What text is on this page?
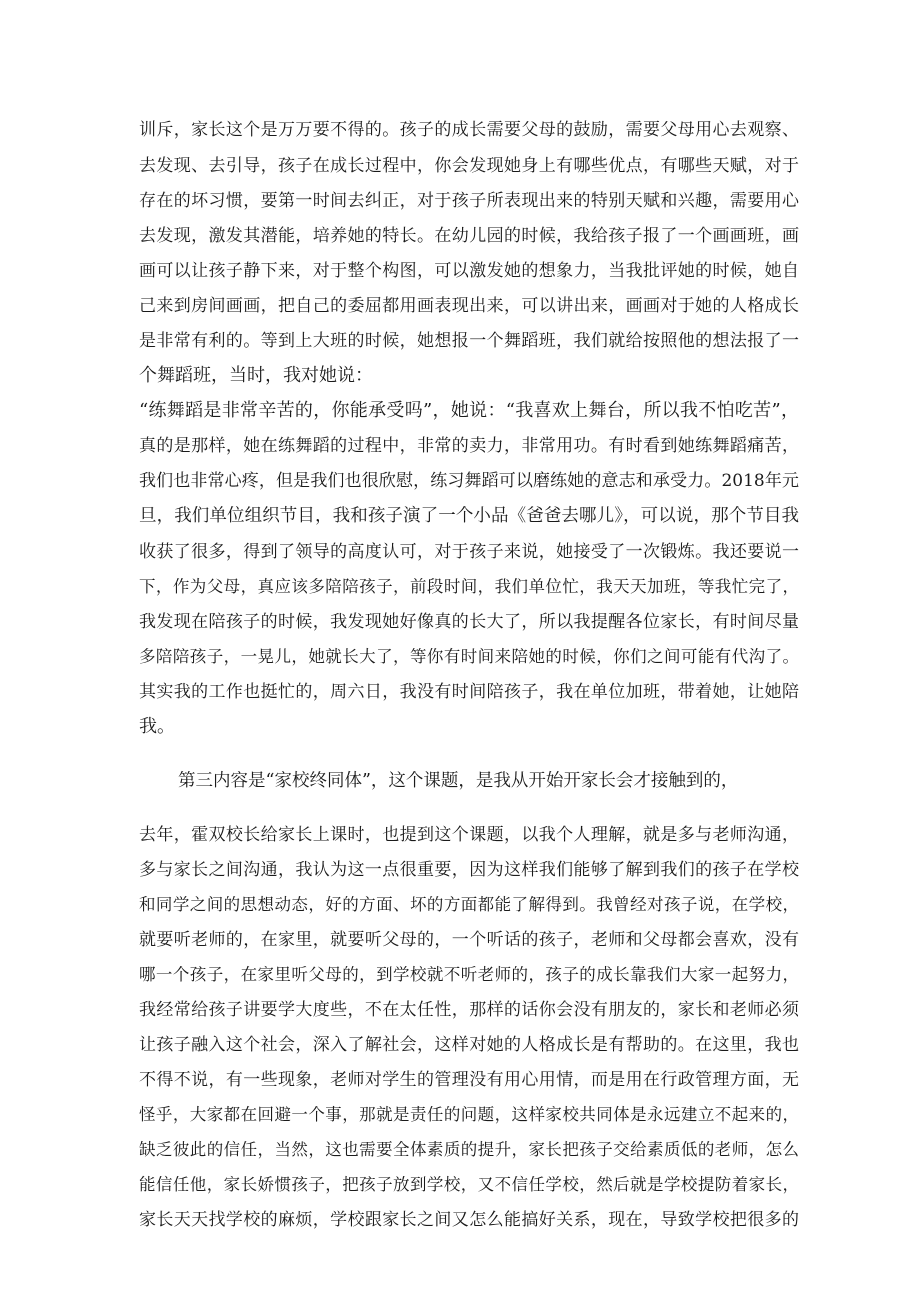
训斥，家长这个是万万要不得的。孩子的成长需要父母的鼓励，需要父母用心去观察、
去发现、去引导，孩子在成长过程中，你会发现她身上有哪些优点，有哪些天赋，对于
存在的坏习惯，要第一时间去纠正，对于孩子所表现出来的特别天赋和兴趣，需要用心
去发现，激发其潜能，培养她的特长。在幼儿园的时候，我给孩子报了一个画画班，画
画可以让孩子静下来，对于整个构图，可以激发她的想象力，当我批评她的时候，她自
己来到房间画画，把自己的委屈都用画表现出来，可以讲出来，画画对于她的人格成长
是非常有利的。等到上大班的时候，她想报一个舞蹈班，我们就给按照他的想法报了一
个舞蹈班，当时，我对她说：
“练舞蹈是非常辛苦的，你能承受吗”，她说：“我喜欢上舞台，所以我不怕吃苦”，
真的是那样，她在练舞蹈的过程中，非常的卖力，非常用功。有时看到她练舞蹈痛苦，
我们也非常心疼，但是我们也很欣慰，练习舞蹈可以磨练她的意志和承受力。2018年元
旦，我们单位组织节目，我和孩子演了一个小品《爸爸去哪儿》，可以说，那个节目我
收获了很多，得到了领导的高度认可，对于孩子来说，她接受了一次锻炼。我还要说一
下，作为父母，真应该多陪陪孩子，前段时间，我们单位忙，我天天加班，等我忙完了，
我发现在陪孩子的时候，我发现她好像真的长大了，所以我提醒各位家长，有时间尽量
多陪陪孩子，一晃儿，她就长大了，等你有时间来陪她的时候，你们之间可能有代沟了。
其实我的工作也挺忙的，周六日，我没有时间陪孩子，我在单位加班，带着她，让她陪
我。
第三内容是“家校终同体”，这个课题，是我从开始开家长会才接触到的，
去年，霍双校长给家长上课时，也提到这个课题，以我个人理解，就是多与老师沟通，
多与家长之间沟通，我认为这一点很重要，因为这样我们能够了解到我们的孩子在学校
和同学之间的思想动态，好的方面、坏的方面都能了解得到。我曾经对孩子说，在学校，
就要听老师的，在家里，就要听父母的，一个听话的孩子，老师和父母都会喜欢，没有
哪一个孩子，在家里听父母的，到学校就不听老师的，孩子的成长靠我们大家一起努力，
我经常给孩子讲要学大度些，不在太任性，那样的话你会没有朋友的，家长和老师必须
让孩子融入这个社会，深入了解社会，这样对她的人格成长是有帮助的。在这里，我也
不得不说，有一些现象，老师对学生的管理没有用心用情，而是用在行政管理方面，无
怪乎，大家都在回避一个事，那就是责任的问题，这样家校共同体是永远建立不起来的，
缺乏彼此的信任，当然，这也需要全体素质的提升，家长把孩子交给素质低的老师，怎么
能信任他，家长娇惯孩子，把孩子放到学校，又不信任学校，然后就是学校提防着家长，
家长天天找学校的麻烦，学校跟家长之间又怎么能搞好关系，现在，导致学校把很多的
